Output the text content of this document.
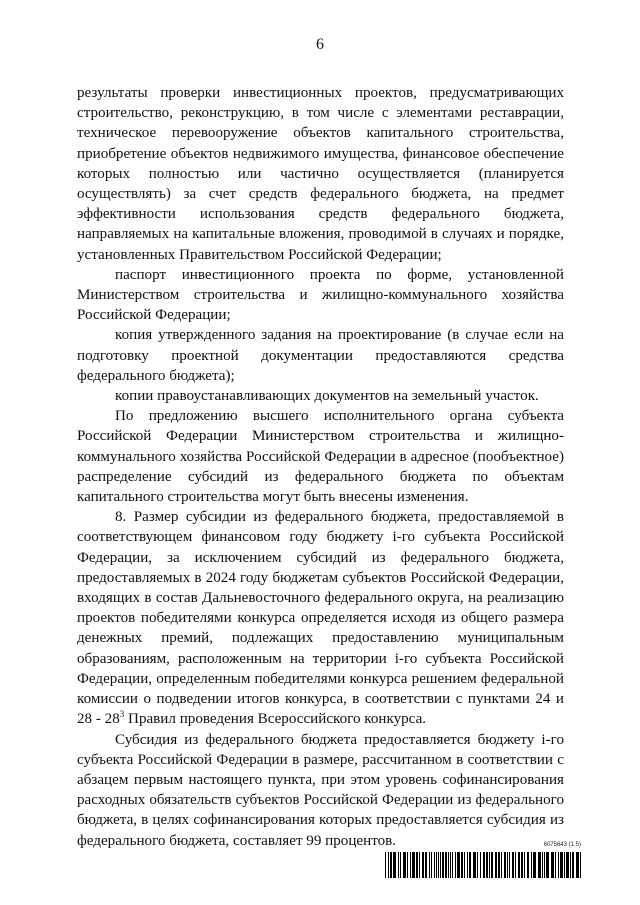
6

результаты проверки инвестиционных проектов, предусматривающих строительство, реконструкцию, в том числе с элементами реставрации, техническое перевооружение объектов капитального строительства, приобретение объектов недвижимого имущества, финансовое обеспечение которых полностью или частично осуществляется (планируется осуществлять) за счет средств федерального бюджета, на предмет эффективности использования средств федерального бюджета, направляемых на капитальные вложения, проводимой в случаях и порядке, установленных Правительством Российской Федерации;

паспорт инвестиционного проекта по форме, установленной Министерством строительства и жилищно-коммунального хозяйства Российской Федерации;

копия утвержденного задания на проектирование (в случае если на подготовку проектной документации предоставляются средства федерального бюджета);

копии правоустанавливающих документов на земельный участок.

По предложению высшего исполнительного органа субъекта Российской Федерации Министерством строительства и жилищно-коммунального хозяйства Российской Федерации в адресное (пообъектное) распределение субсидий из федерального бюджета по объектам капитального строительства могут быть внесены изменения.

8. Размер субсидии из федерального бюджета, предоставляемой в соответствующем финансовом году бюджету i-го субъекта Российской Федерации, за исключением субсидий из федерального бюджета, предоставляемых в 2024 году бюджетам субъектов Российской Федерации, входящих в состав Дальневосточного федерального округа, на реализацию проектов победителями конкурса определяется исходя из общего размера денежных премий, подлежащих предоставлению муниципальным образованиям, расположенным на территории i-го субъекта Российской Федерации, определенным победителями конкурса решением федеральной комиссии о подведении итогов конкурса, в соответствии с пунктами 24 и $28 - 28^3$ Правил проведения Всероссийского конкурса.

Субсидия из федерального бюджета предоставляется бюджету i-го субъекта Российской Федерации в размере, рассчитанном в соответствии с абзацем первым настоящего пункта, при этом уровень софинансирования расходных обязательств субъектов Российской Федерации из федерального бюджета, в целях софинансирования которых предоставляется субсидия из федерального бюджета, составляет 99 процентов.	6075643 (1.5)
